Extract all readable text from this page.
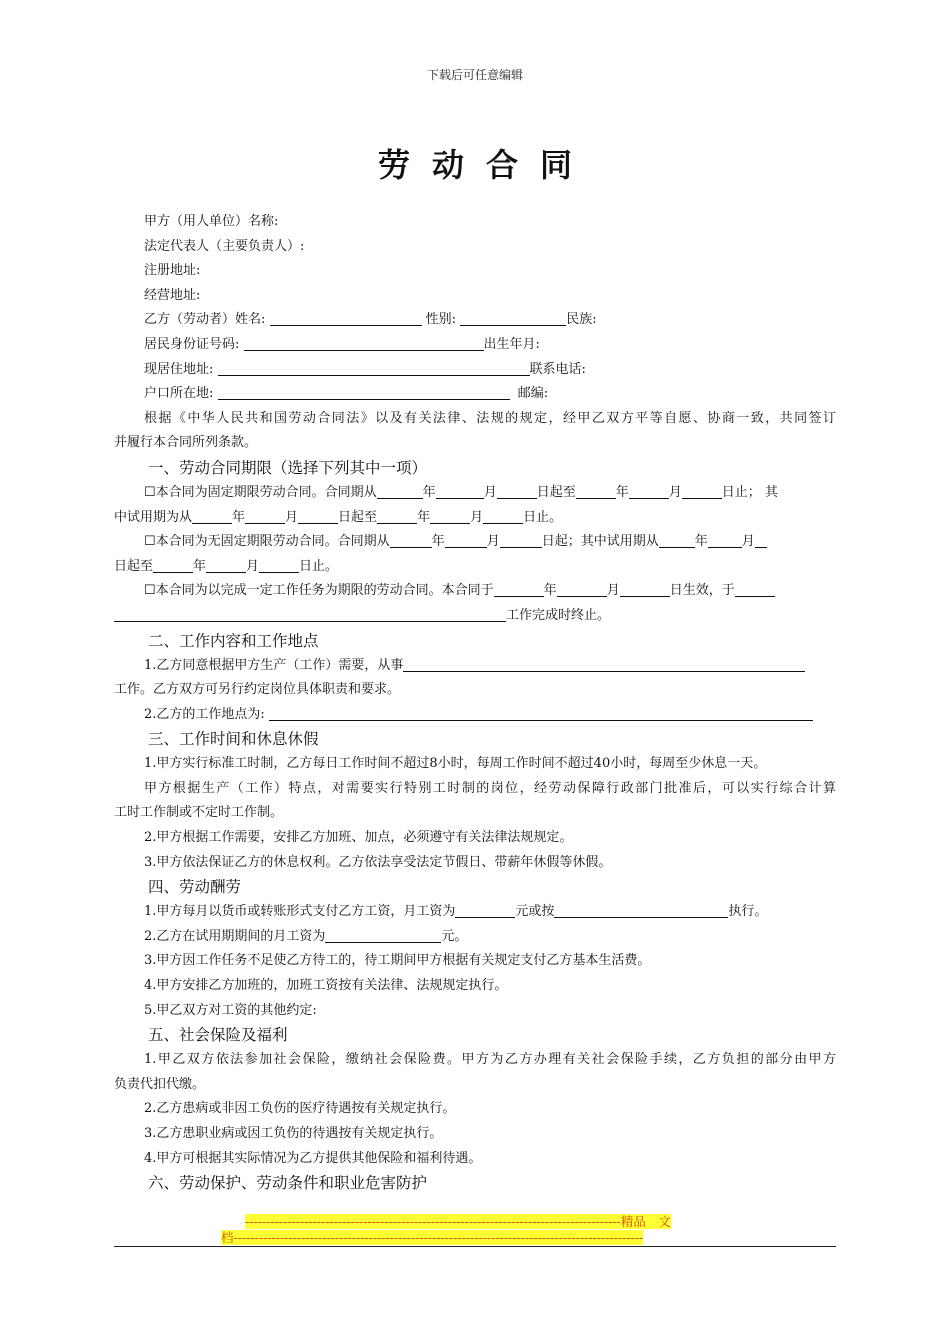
下载后可任意编辑
劳动合同
甲方（用人单位）名称:
法定代表人（主要负责人）:
注册地址:
经营地址:
乙方（劳动者）姓名:	性别:	民族:
居民身份证号码:	出生年月:
现居住地址:	联系电话:
户口所在地:	邮编:
根据《中华人民共和国劳动合同法》以及有关法律、法规的规定，经甲乙双方平等自愿、协商一致，共同签订
并履行本合同所列条款。
一、劳动合同期限（选择下列其中一项）
☐本合同为固定期限劳动合同。合同期从	年	月	日起至	年	月	日止； 其
中试用期为从	年	月	日起至	年	月	日止。
☐本合同为无固定期限劳动合同。合同期从	年	月	日起；其中试用期从	年	月
日起至	年	月	日止。
☐本合同为以完成一定工作任务为期限的劳动合同。本合同于	年	月	日生效，于
工作完成时终止。
二、工作内容和工作地点
1.乙方同意根据甲方生产（工作）需要，从事
工作。乙方双方可另行约定岗位具体职责和要求。
2.乙方的工作地点为:
三、工作时间和休息休假
1.甲方实行标准工时制，乙方每日工作时间不超过8小时，每周工作时间不超过40小时，每周至少休息一天。
甲方根据生产（工作）特点，对需要实行特别工时制的岗位，经劳动保障行政部门批准后，可以实行综合计算
工时工作制或不定时工作制。
2.甲方根据工作需要，安排乙方加班、加点，必须遵守有关法律法规规定。
3.甲方依法保证乙方的休息权利。乙方依法享受法定节假日、带薪年休假等休假。
四、劳动酬劳
1.甲方每月以货币或转账形式支付乙方工资，月工资为	元或按	执行。
2.乙方在试用期期间的月工资为	元。
3.甲方因工作任务不足使乙方待工的，待工期间甲方根据有关规定支付乙方基本生活费。
4.甲方安排乙方加班的，加班工资按有关法律、法规规定执行。
5.甲乙双方对工资的其他约定:
五、社会保险及福利
1.甲乙双方依法参加社会保险，缴纳社会保险费。甲方为乙方办理有关社会保险手续，乙方负担的部分由甲方
负责代扣代缴。
2.乙方患病或非因工负伤的医疗待遇按有关规定执行。
3.乙方患职业病或因工负伤的待遇按有关规定执行。
4.甲方可根据其实际情况为乙方提供其他保险和福利待遇。
六、劳动保护、劳动条件和职业危害防护
-----------------------------------------------------------------------------------------精品　文
档-------------------------------------------------------------------------------------------------
